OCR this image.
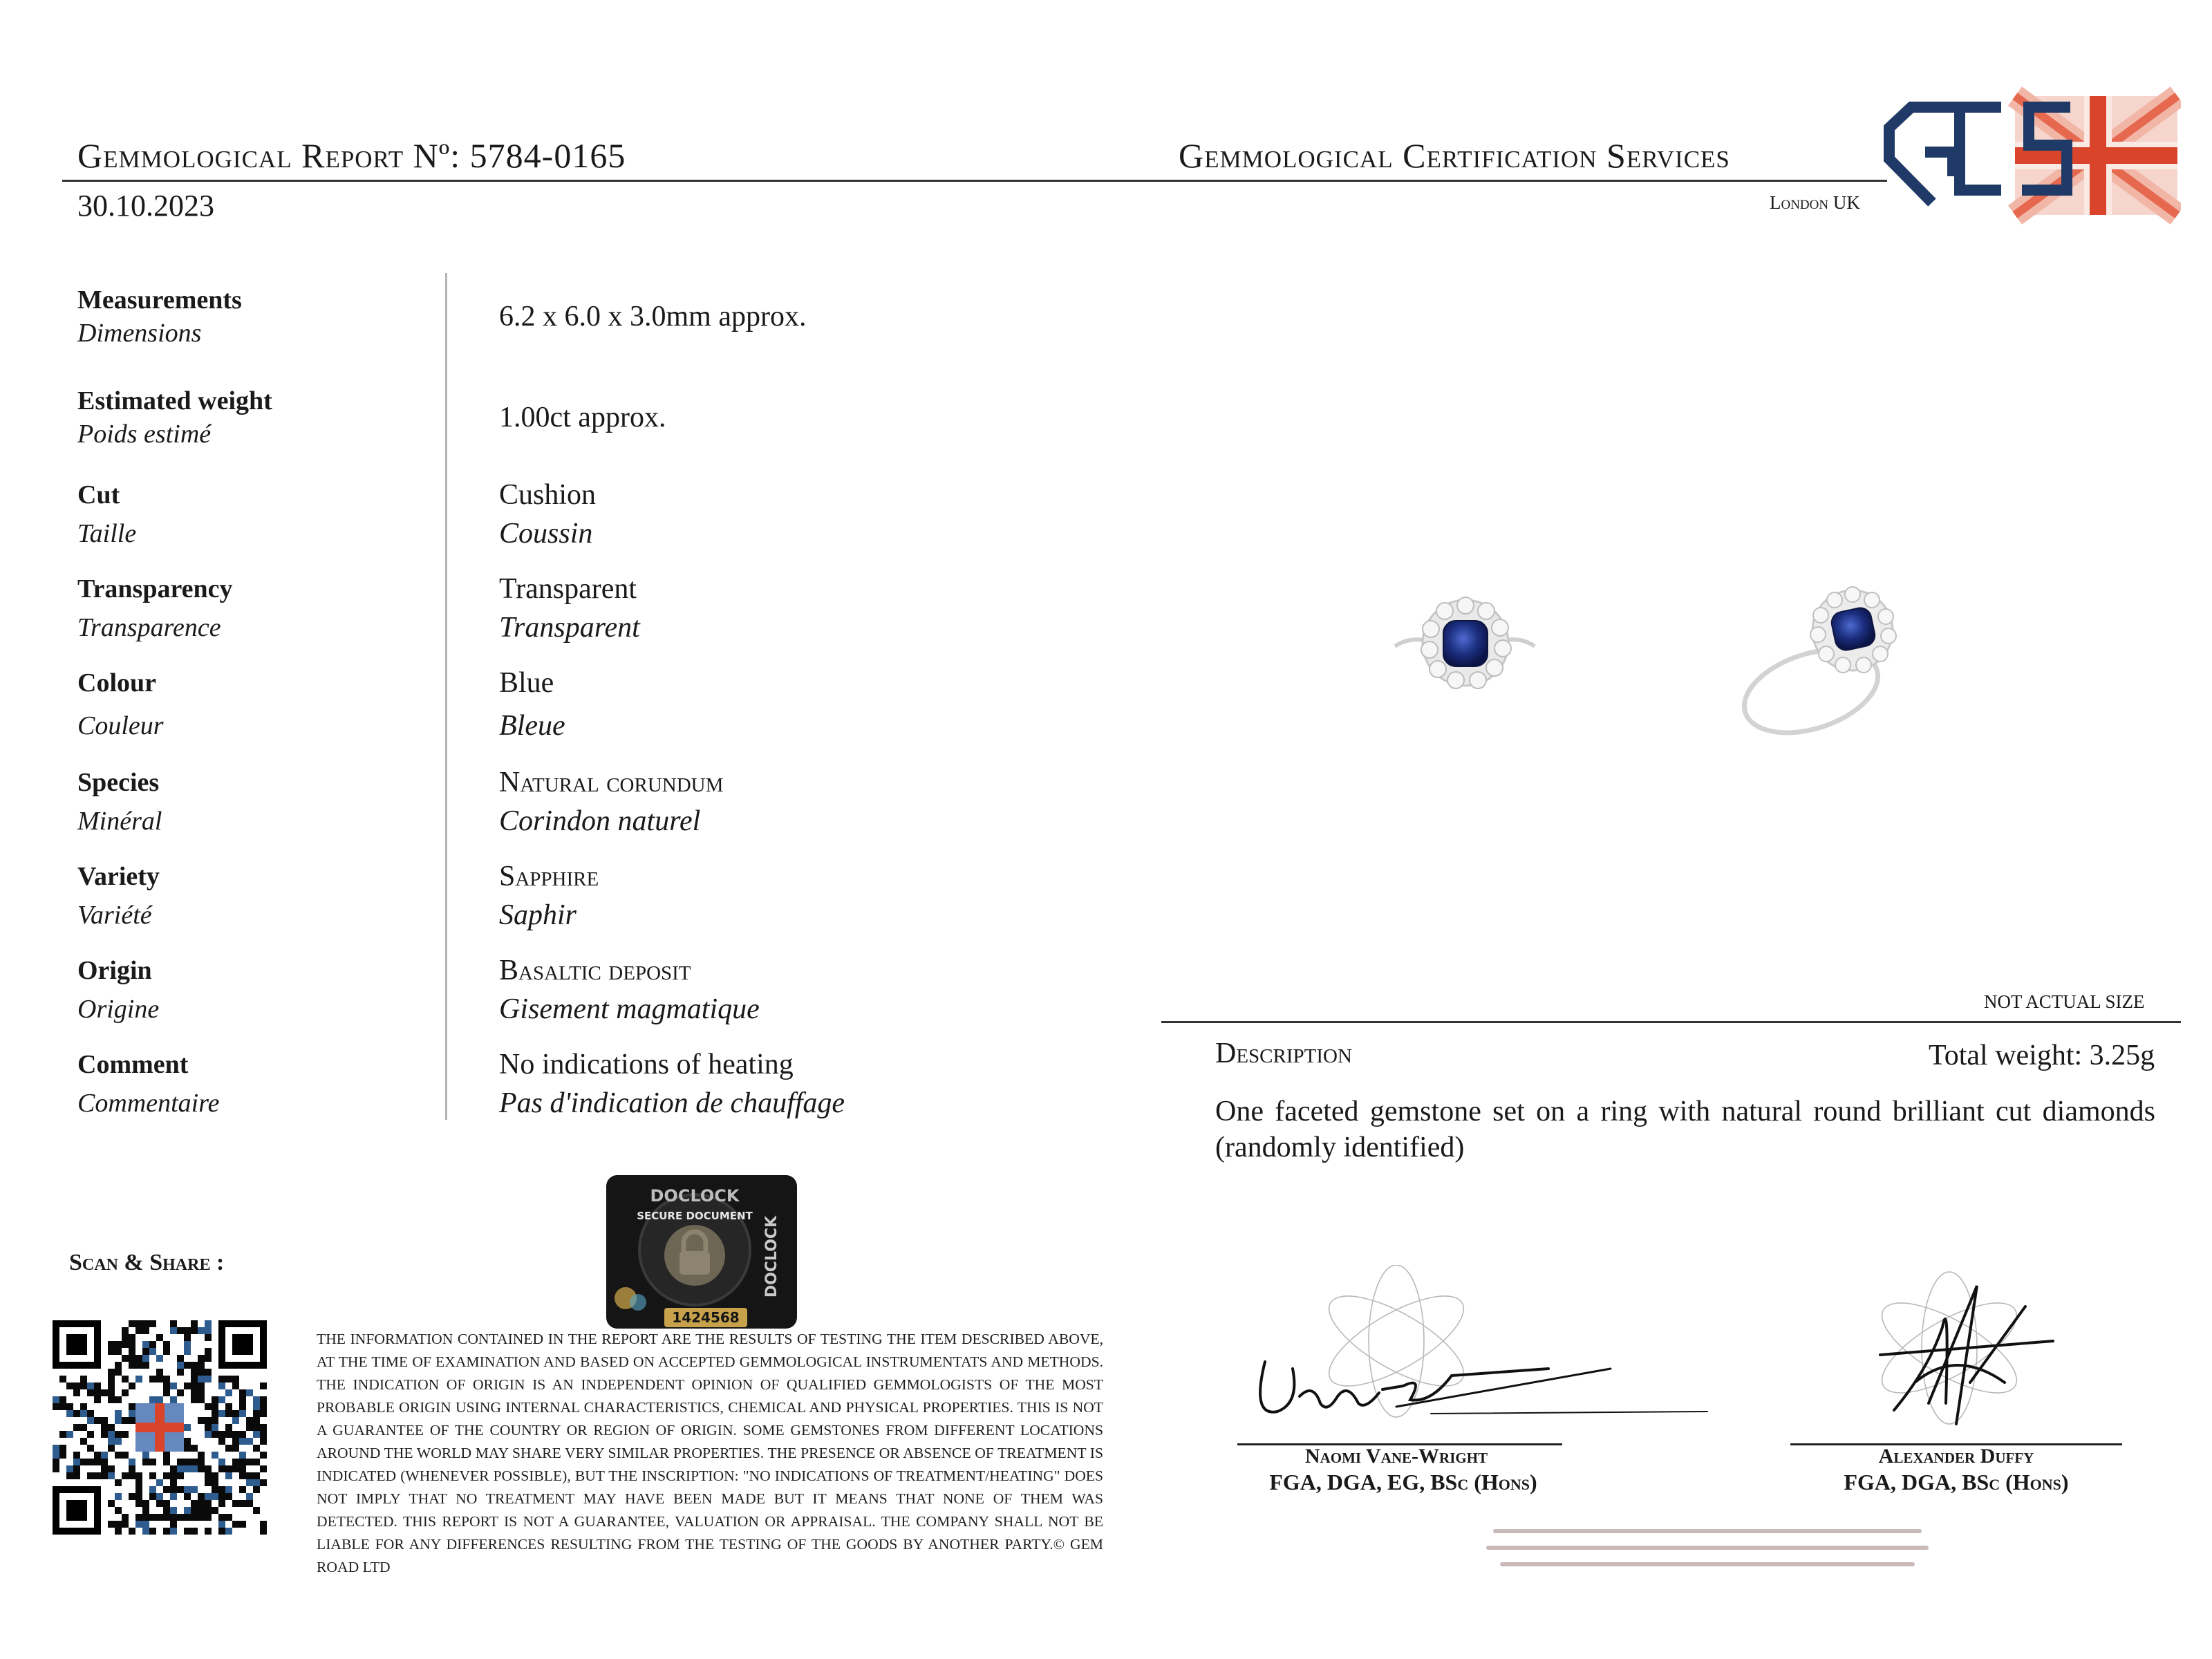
Gemmological Report Nº: 5784-0165
30.10.2023
Gemmological Certification Services
London UK
GCS
Measurements
Dimensions
6.2 x 6.0 x 3.0mm approx.
Estimated weight
Poids estimé
1.00ct approx.
Cut
Taille
Cushion
Coussin
Transparency
Transparence
Transparent
Transparent
Colour
Couleur
Blue
Bleue
Species
Minéral
Natural corundum
Corindon naturel
Variety
Variété
Sapphire
Saphir
Origin
Origine
Basaltic deposit
Gisement magmatique
Comment
Commentaire
No indications of heating
Pas d'indication de chauffage
SECURE DOCUMENT
DOCLOCK
DOCLOCK
1424568
Scan & Share :
THE INFORMATION CONTAINED IN THE REPORT ARE THE RESULTS OF TESTING THE ITEM DESCRIBED ABOVE, AT THE TIME OF EXAMINATION AND BASED ON ACCEPTED GEMMOLOGICAL INSTRUMENTATS AND METHODS. THE INDICATION OF ORIGIN IS AN INDEPENDENT OPINION OF QUALIFIED GEMMOLOGISTS OF THE MOST PROBABLE ORIGIN USING INTERNAL CHARACTERISTICS, CHEMICAL AND PHYSICAL PROPERTIES. THIS IS NOT A GUARANTEE OF THE COUNTRY OR REGION OF ORIGIN. SOME GEMSTONES FROM DIFFERENT LOCATIONS AROUND THE WORLD MAY SHARE VERY SIMILAR PROPERTIES. THE PRESENCE OR ABSENCE OF TREATMENT IS INDICATED (WHENEVER POSSIBLE), BUT THE INSCRIPTION: "NO INDICATIONS OF TREATMENT/HEATING" DOES NOT IMPLY THAT NO TREATMENT MAY HAVE BEEN MADE BUT IT MEANS THAT NONE OF THEM WAS DETECTED. THIS REPORT IS NOT A GUARANTEE, VALUATION OR APPRAISAL. THE COMPANY SHALL NOT BE LIABLE FOR ANY DIFFERENCES RESULTING FROM THE TESTING OF THE GOODS BY ANOTHER PARTY.© GEM ROAD LTD
NOT ACTUAL SIZE
Description	Total weight: 3.25g
One faceted gemstone set on a ring with natural round brilliant cut diamonds (randomly identified)
Naomi Vane-Wright
FGA, DGA, EG, BSc (Hons)
Alexander Duffy
FGA, DGA, BSc (Hons)
